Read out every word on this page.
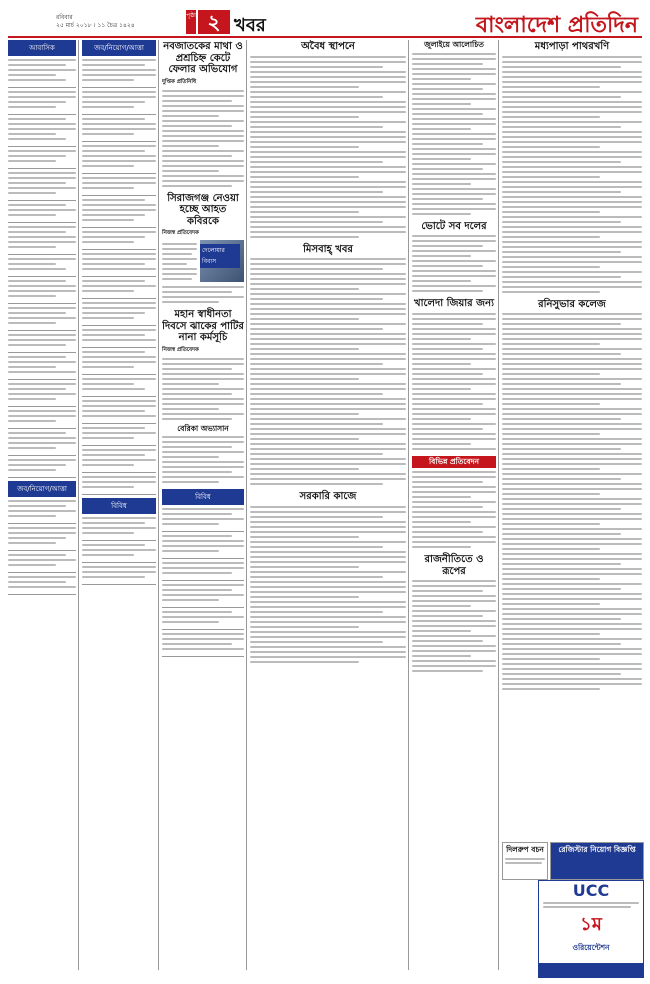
রবিবার
২৫ মার্চ ২০১৮ । ১১ চৈত্র ১৪২৪
পৃষ্ঠা ২ খবর	বাংলাদেশ প্রতিদিন
আবাসিক
জব/নিয়োগ/আত্তা
জব/নিয়োগ/আত্তা
বিবিধ
নবজাতকের মাথা ও প্রশ্রচিহ্ন কেটে ফেলার অভিযোগ
দুপ্তিক প্রতিনিধি
সিরাজগঞ্জ নেওয়া হচ্ছে আহত কবিরকে
নিজস্ব প্রতিবেদক
দেলোয়ার বিবাস
মহান স্বাধীনতা দিবসে ঝাকের পাটির নানা কর্মসূচি
নিজস্ব প্রতিবেদক
বেরিকা অভ্যাসান
বিবিধ
অবৈধ স্থাপনে
মিসবাহ্ খবর
সরকারি কাজে
জুলাইয়ে আলোচিত
ভোটে সব দলের
খালেদা জিয়ার জন্য
বিভিন্ন প্রতিবেদন
রাজনীতিতে ও রূপের
মধ্যপাড়া পাথরখণি
রনিসুভার কলেজ
দিলরুপ বচন	রেজিস্টার নিয়োগ বিজ্ঞপ্তি
UCC
১ম
ওরিয়েন্টেশন
